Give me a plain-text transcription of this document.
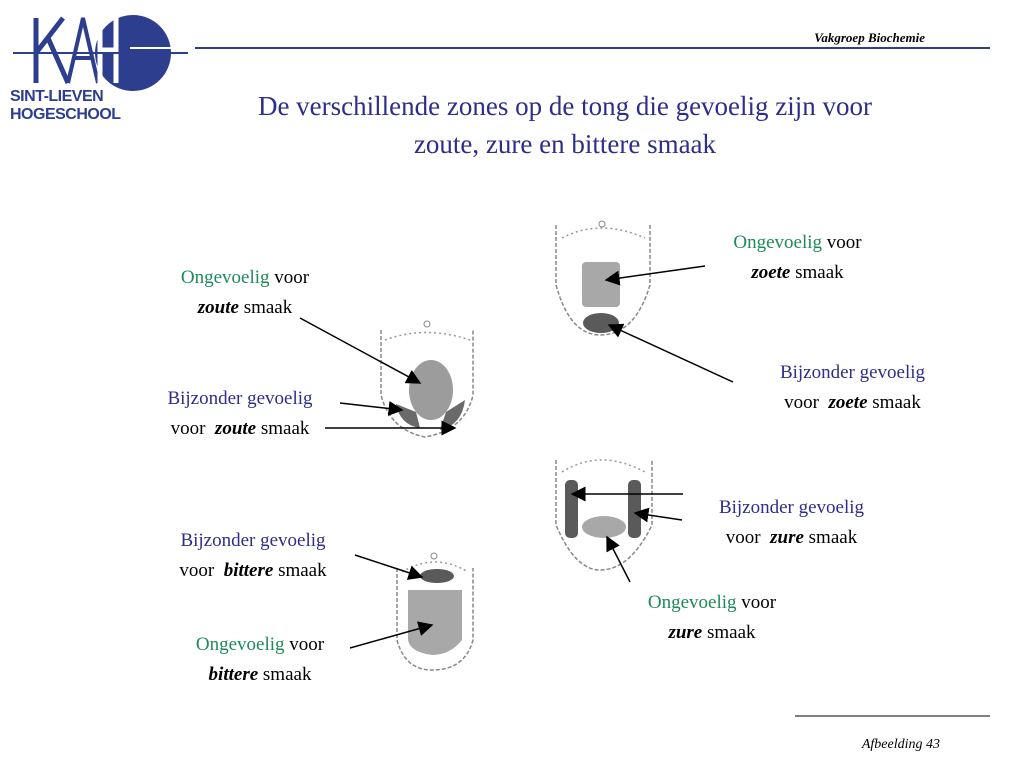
SINT-LIEVEN HOGESCHOOL
Vakgroep Biochemie
De verschillende zones op de tong die gevoelig zijn voor
zoute, zure en bittere smaak
Ongevoelig voor
zoute smaak
Bijzonder gevoelig
voor zoute smaak
Bijzonder gevoelig
voor bittere smaak
Ongevoelig voor
bittere smaak
Ongevoelig voor
zoete smaak
Bijzonder gevoelig
voor zoete smaak
Bijzonder gevoelig
voor zure smaak
Ongevoelig voor
zure smaak
Afbeelding 43
